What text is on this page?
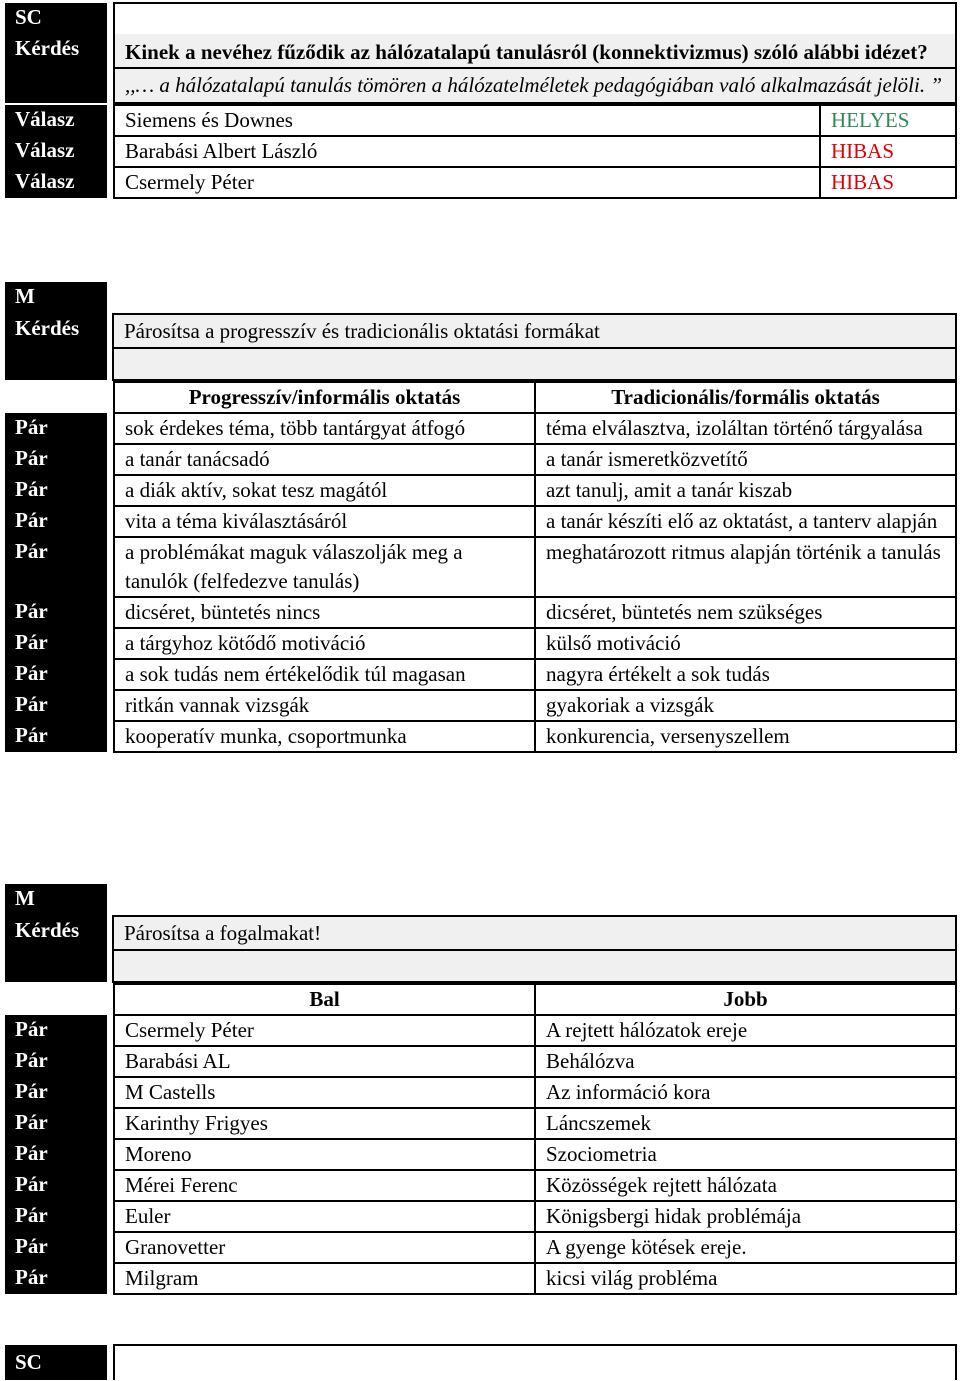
SC		
Kérdés		Kinek a nevéhez fűződik az hálózatalapú tanulásról (konnektivizmus) szóló alábbi idézet?
		,,… a hálózatalapú tanulás tömören a hálózatelméletek pedagógiában való alkalmazását jelöli. ”
Válasz		Siemens és Downes	HELYES
Válasz		Barabási Albert László	HIBAS
Válasz		Csermely Péter	HIBAS
M		
Kérdés		Párosítsa a progresszív és tradicionális oktatási formákat

		Progresszív/informális oktatás	Tradicionális/formális oktatás
Pár		sok érdekes téma, több tantárgyat átfogó	téma elválasztva, izoláltan történő tárgyalása
Pár		a tanár tanácsadó	a tanár ismeretközvetítő
Pár		a diák aktív, sokat tesz magától	azt tanulj, amit a tanár kiszab
Pár		vita a téma kiválasztásáról	a tanár készíti elő az oktatást, a tanterv alapján
Pár		a problémákat maguk válaszolják meg a tanulók (felfedezve tanulás)	meghatározott ritmus alapján történik a tanulás
Pár		dicséret, büntetés nincs	dicséret, büntetés nem szükséges
Pár		a tárgyhoz kötődő motiváció	külső motiváció
Pár		a sok tudás nem értékelődik túl magasan	nagyra értékelt a sok tudás
Pár		ritkán vannak vizsgák	gyakoriak a vizsgák
Pár		kooperatív munka, csoportmunka	konkurencia, versenyszellem
M		
Kérdés		Párosítsa a fogalmakat!

		Bal	Jobb
Pár		Csermely Péter	A rejtett hálózatok ereje
Pár		Barabási AL	Behálózva
Pár		M Castells	Az információ kora
Pár		Karinthy Frigyes	Láncszemek
Pár		Moreno	Szociometria
Pár		Mérei Ferenc	Közösségek rejtett hálózata
Pár		Euler	Königsbergi hidak problémája
Pár		Granovetter	A gyenge kötések ereje.
Pár		Milgram	kicsi világ probléma
SC		
